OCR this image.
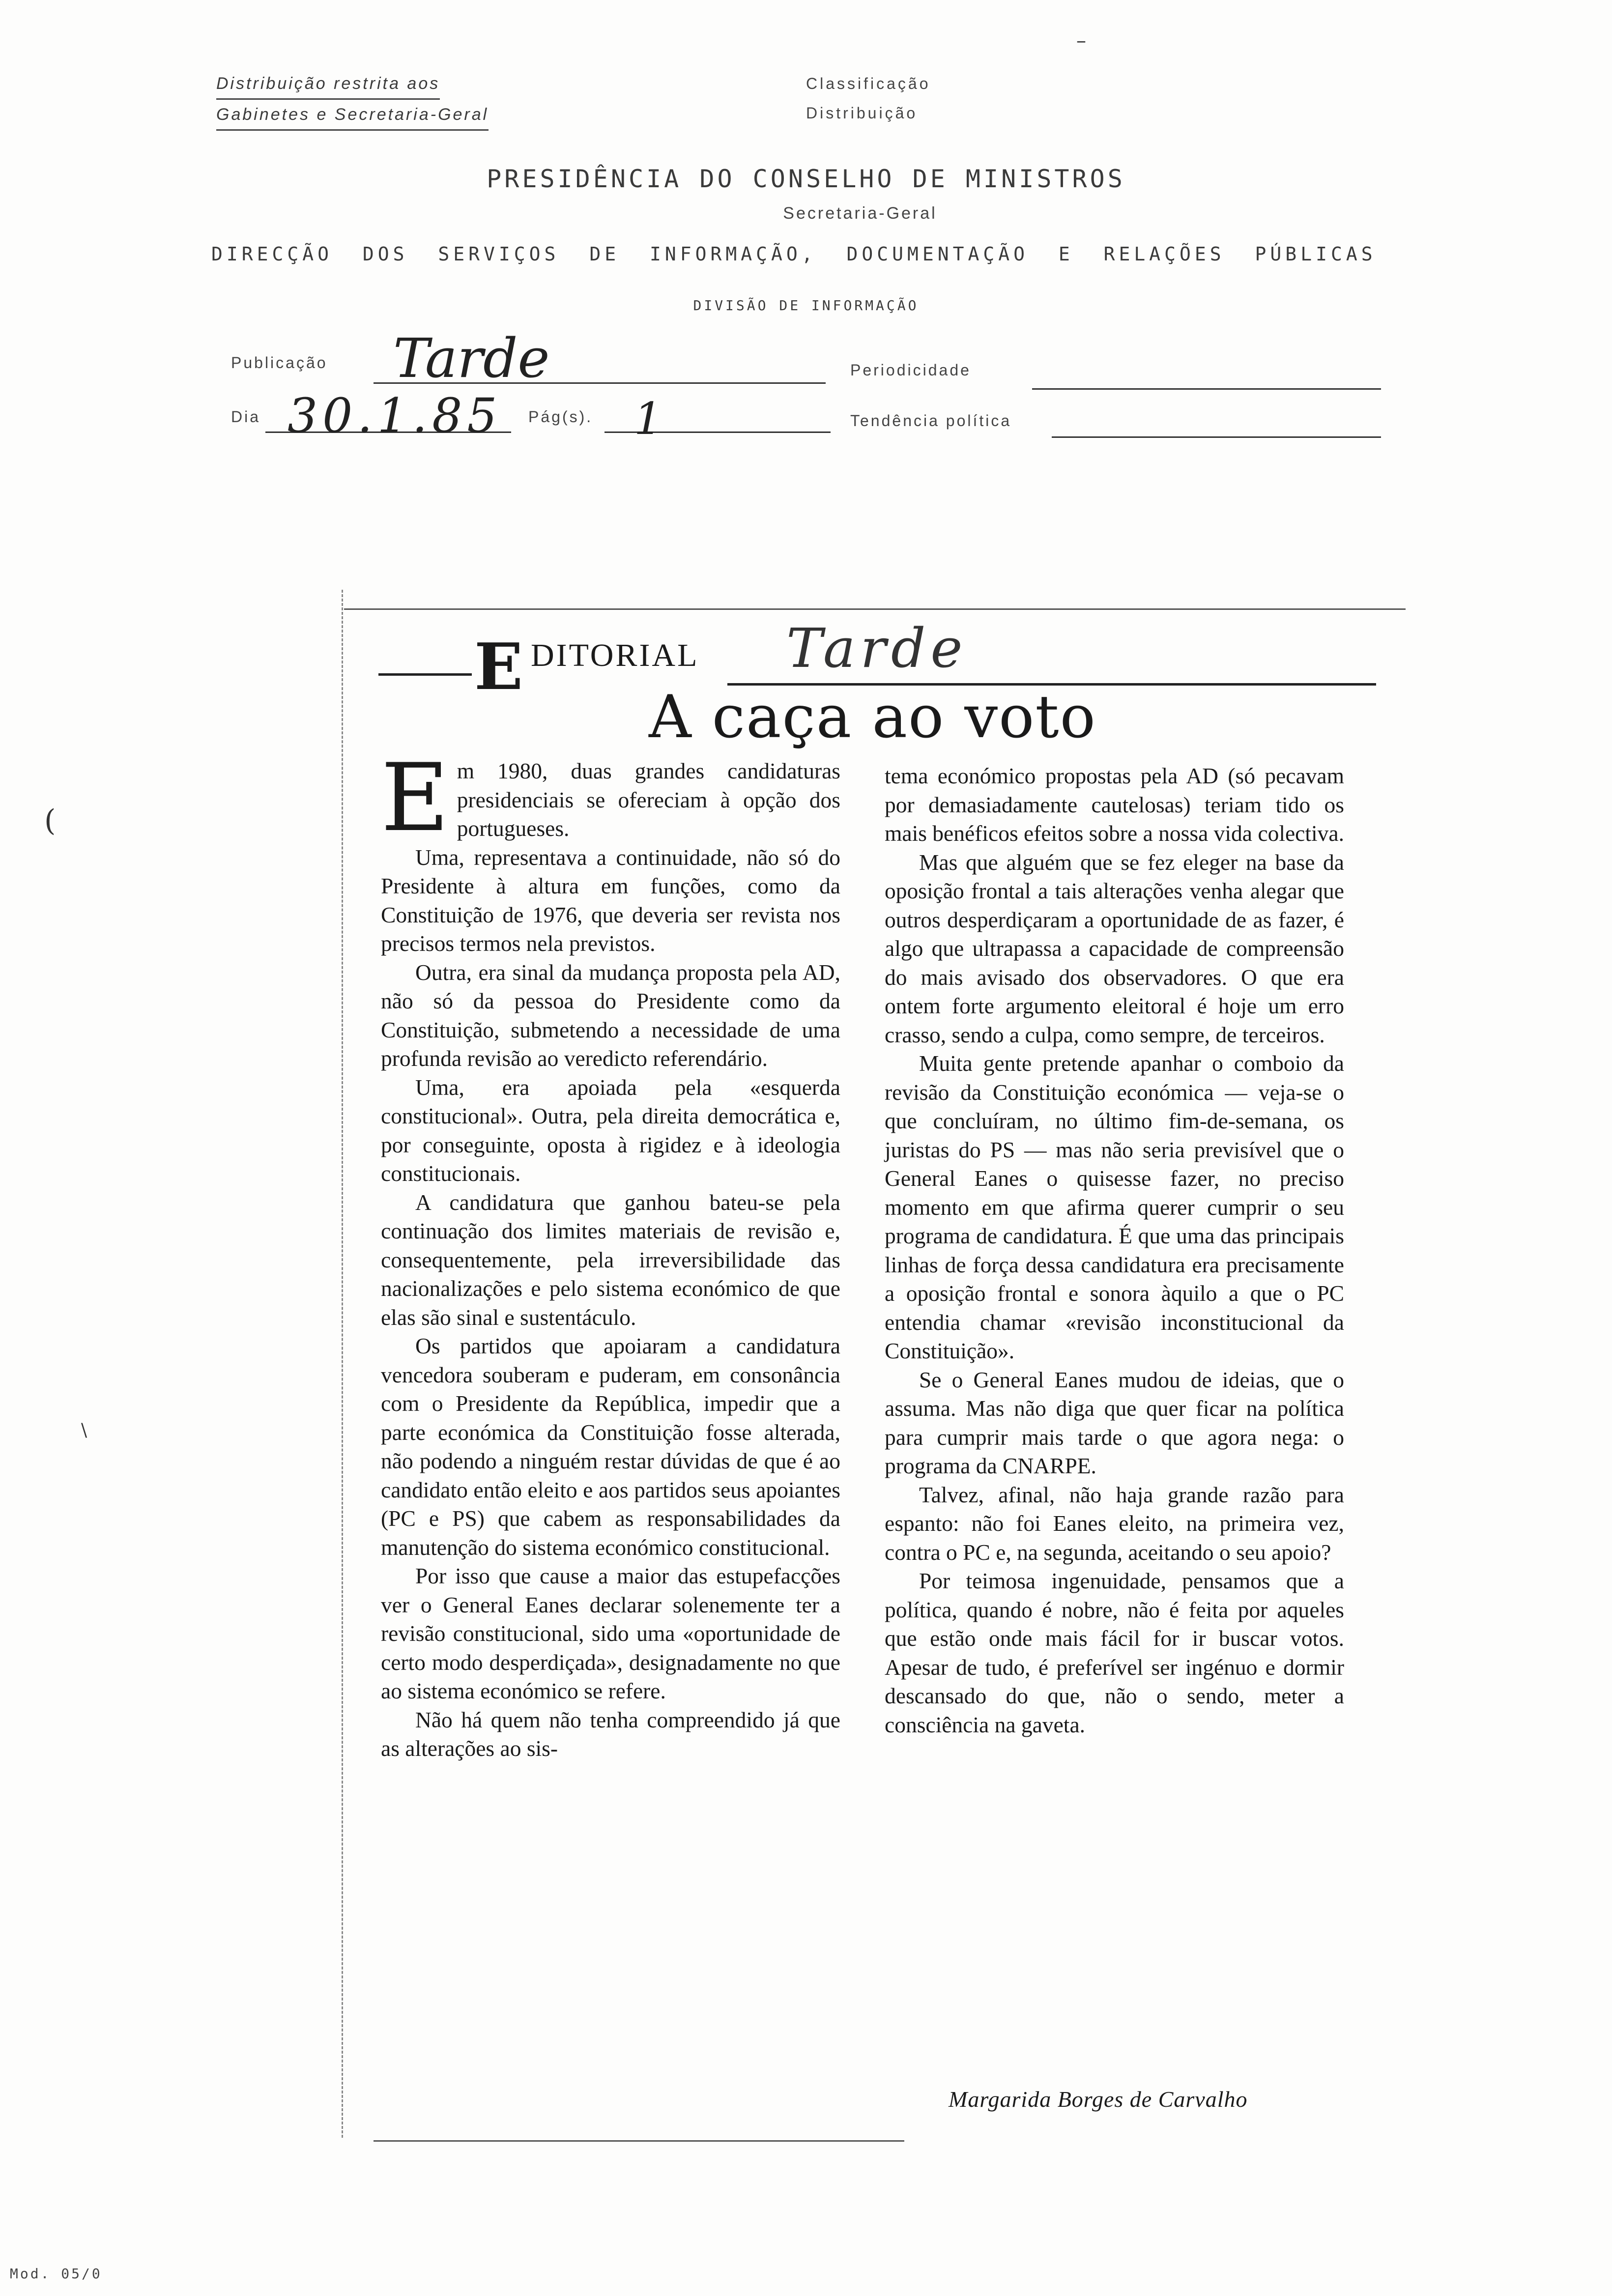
Distribuição restrita aos
Gabinetes e Secretaria-Geral
Classificação
Distribuição
–
PRESIDÊNCIA DO CONSELHO DE MINISTROS
Secretaria-Geral
DIRECÇÃO DOS SERVIÇOS DE INFORMAÇÃO, DOCUMENTAÇÃO E RELAÇÕES PÚBLICAS
DIVISÃO DE INFORMAÇÃO
Publicação Tarde	Periodicidade
Dia 30.1.85 Pág(s). 1	Tendência política
(
\
E DITORIAL Tarde
A caça ao voto

Em 1980, duas grandes candidaturas presidenciais se ofereciam à opção dos portugueses.

Uma, representava a continuidade, não só do Presidente à altura em funções, como da Constituição de 1976, que deveria ser revista nos precisos termos nela previstos.

Outra, era sinal da mudança proposta pela AD, não só da pessoa do Presidente como da Constituição, submetendo a necessidade de uma profunda revisão ao veredicto referendário.

Uma, era apoiada pela «esquerda constitucional». Outra, pela direita democrática e, por conseguinte, oposta à rigidez e à ideologia constitucionais.

A candidatura que ganhou bateu-se pela continuação dos limites materiais de revisão e, consequentemente, pela irreversibilidade das nacionalizações e pelo sistema económico de que elas são sinal e sustentáculo.

Os partidos que apoiaram a candidatura vencedora souberam e puderam, em consonância com o Presidente da República, impedir que a parte económica da Constituição fosse alterada, não podendo a ninguém restar dúvidas de que é ao candidato então eleito e aos partidos seus apoiantes (PC e PS) que cabem as responsabilidades da manutenção do sistema económico constitucional.

Por isso que cause a maior das estupefacções ver o General Eanes declarar solenemente ter a revisão constitucional, sido uma «oportunidade de certo modo desperdiçada», designadamente no que ao sistema económico se refere.

Não há quem não tenha compreendido já que as alterações ao sis-

tema económico propostas pela AD (só pecavam por demasiadamente cautelosas) teriam tido os mais benéficos efeitos sobre a nossa vida colectiva.

Mas que alguém que se fez eleger na base da oposição frontal a tais alterações venha alegar que outros desperdiçaram a oportunidade de as fazer, é algo que ultrapassa a capacidade de compreensão do mais avisado dos observadores. O que era ontem forte argumento eleitoral é hoje um erro crasso, sendo a culpa, como sempre, de terceiros.

Muita gente pretende apanhar o comboio da revisão da Constituição económica — veja-se o que concluíram, no último fim-de-semana, os juristas do PS — mas não seria previsível que o General Eanes o quisesse fazer, no preciso momento em que afirma querer cumprir o seu programa de candidatura. É que uma das principais linhas de força dessa candidatura era precisamente a oposição frontal e sonora àquilo a que o PC entendia chamar «revisão inconstitucional da Constituição».

Se o General Eanes mudou de ideias, que o assuma. Mas não diga que quer ficar na política para cumprir mais tarde o que agora nega: o programa da CNARPE.

Talvez, afinal, não haja grande razão para espanto: não foi Eanes eleito, na primeira vez, contra o PC e, na segunda, aceitando o seu apoio?

Por teimosa ingenuidade, pensamos que a política, quando é nobre, não é feita por aqueles que estão onde mais fácil for ir buscar votos. Apesar de tudo, é preferível ser ingénuo e dormir descansado do que, não o sendo, meter a consciência na gaveta.

Margarida Borges de Carvalho
Mod. 05/0
